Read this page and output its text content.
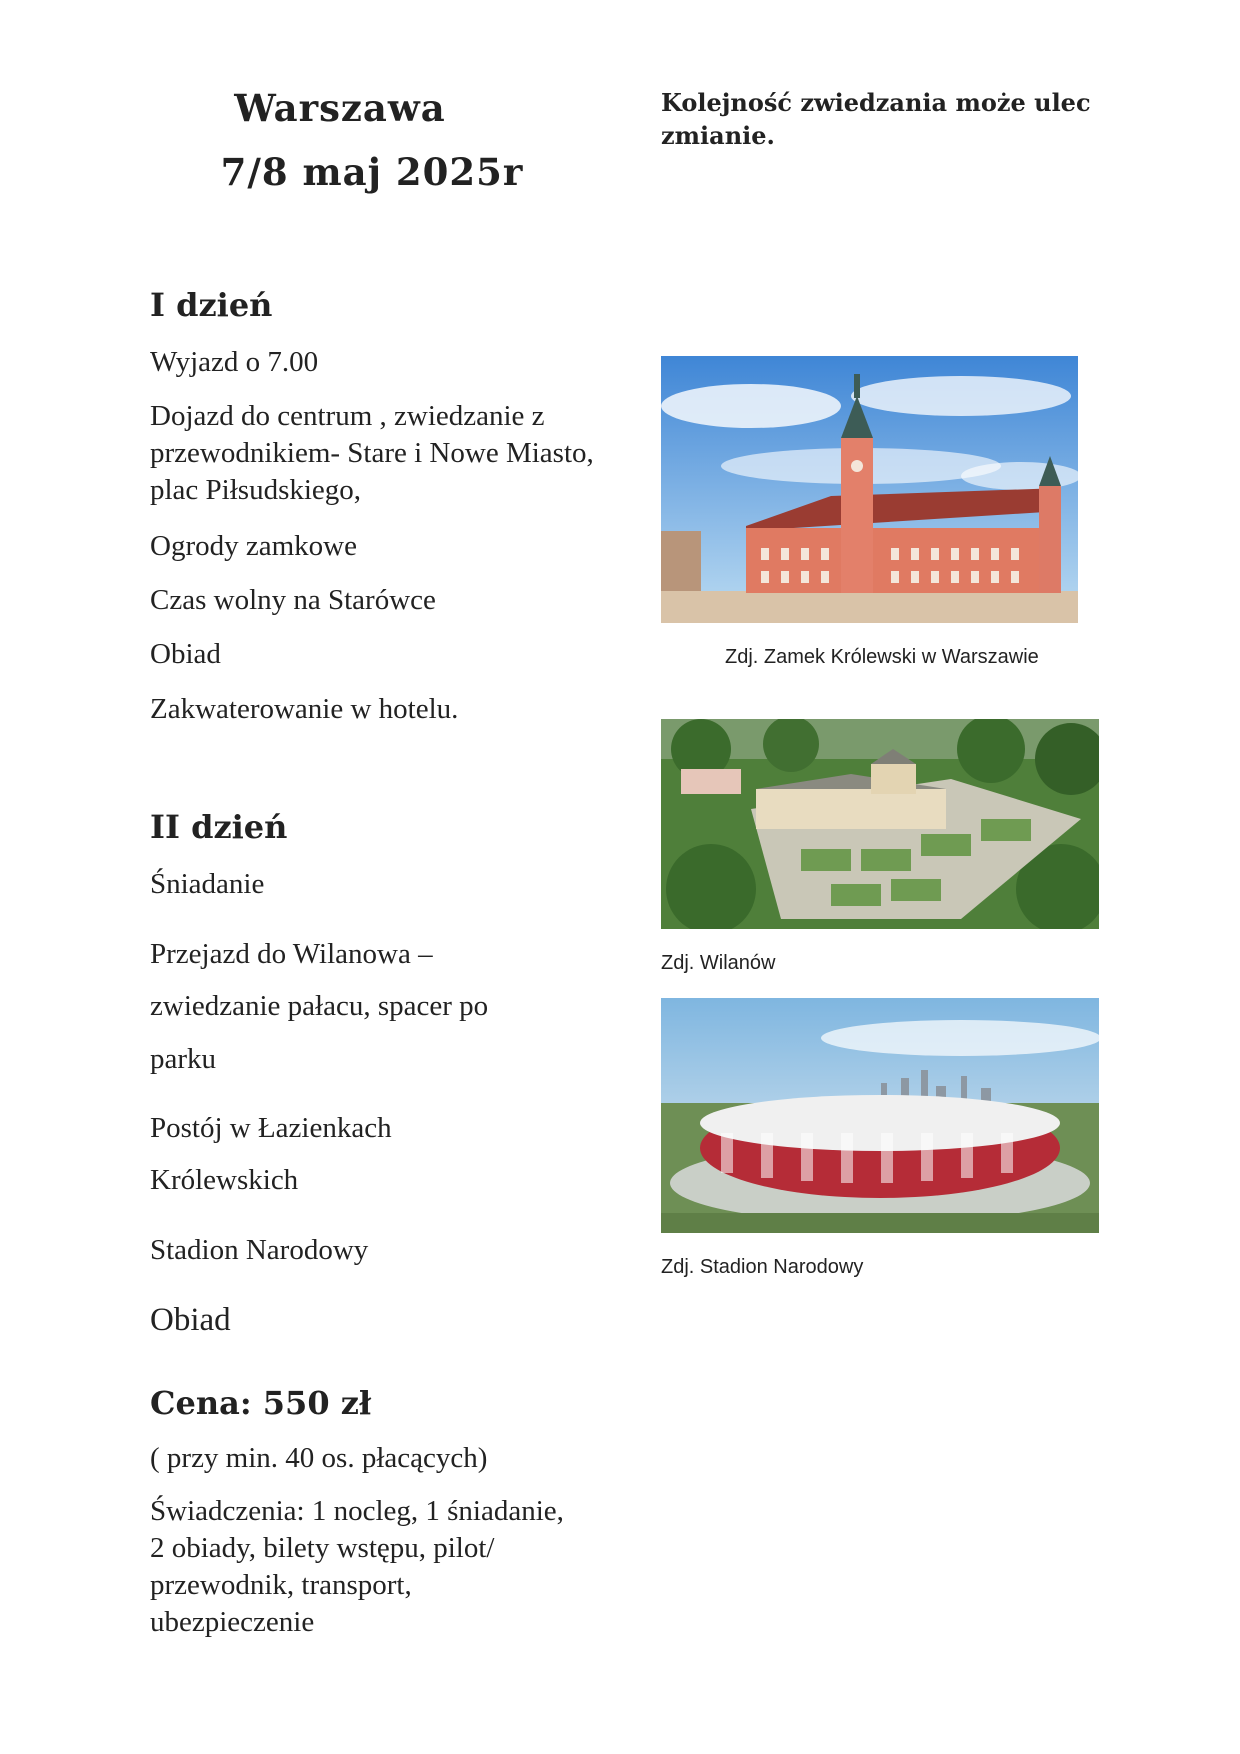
Warszawa
7/8 maj 2025r
Kolejność zwiedzania może ulec zmianie.
I dzień
Wyjazd o 7.00
Dojazd do centrum , zwiedzanie z przewodnikiem- Stare i Nowe Miasto, plac Piłsudskiego,
Ogrody zamkowe
Czas wolny na Starówce
Obiad
Zakwaterowanie w hotelu.
II dzień
Śniadanie
Przejazd do Wilanowa –
zwiedzanie pałacu, spacer po
parku
Postój w Łazienkach
Królewskich
Stadion Narodowy
Obiad
Cena: 550 zł
( przy min. 40 os. płacących)
Świadczenia: 1 nocleg, 1 śniadanie, 2 obiady, bilety wstępu, pilot/ przewodnik, transport, ubezpieczenie
Zdj. Zamek Królewski w Warszawie
Zdj. Wilanów
Zdj. Stadion Narodowy
